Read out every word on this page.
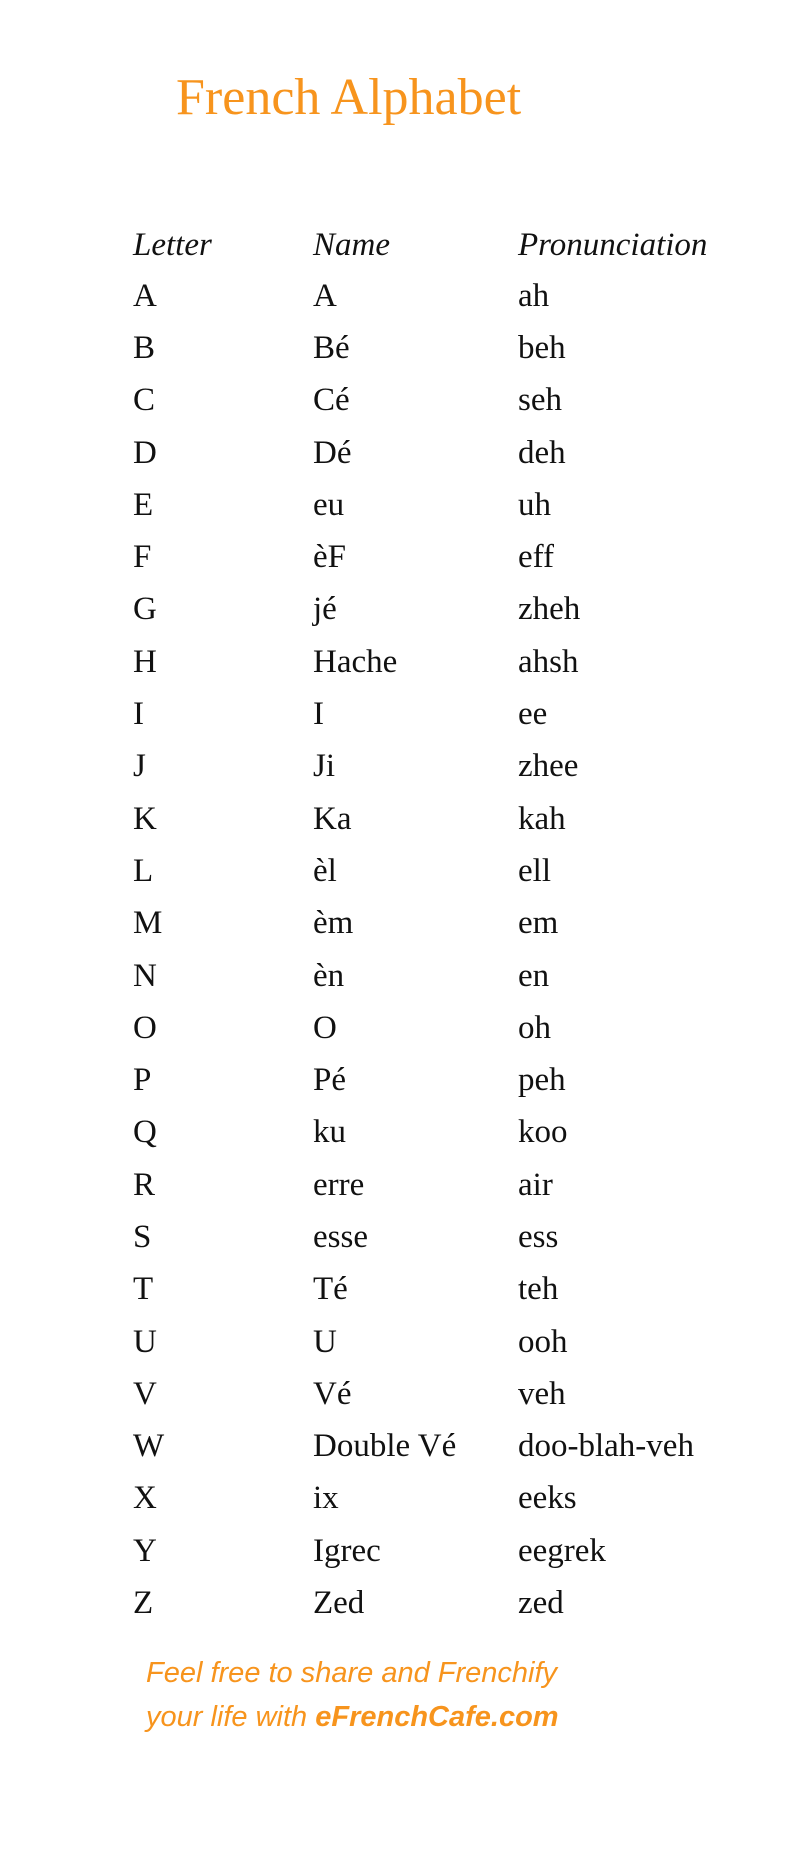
French Alphabet
Letter	Name	Pronunciation
A	A	ah
B	Bé	beh
C	Cé	seh
D	Dé	deh
E	eu	uh
F	èF	eff
G	jé	zheh
H	Hache	ahsh
I	I	ee
J	Ji	zhee
K	Ka	kah
L	èl	ell
M	èm	em
N	èn	en
O	O	oh
P	Pé	peh
Q	ku	koo
R	erre	air
S	esse	ess
T	Té	teh
U	U	ooh
V	Vé	veh
W	Double Vé	doo-blah-veh
X	ix	eeks
Y	Igrec	eegrek
Z	Zed	zed
Feel free to share and Frenchify
your life with eFrenchCafe.com
